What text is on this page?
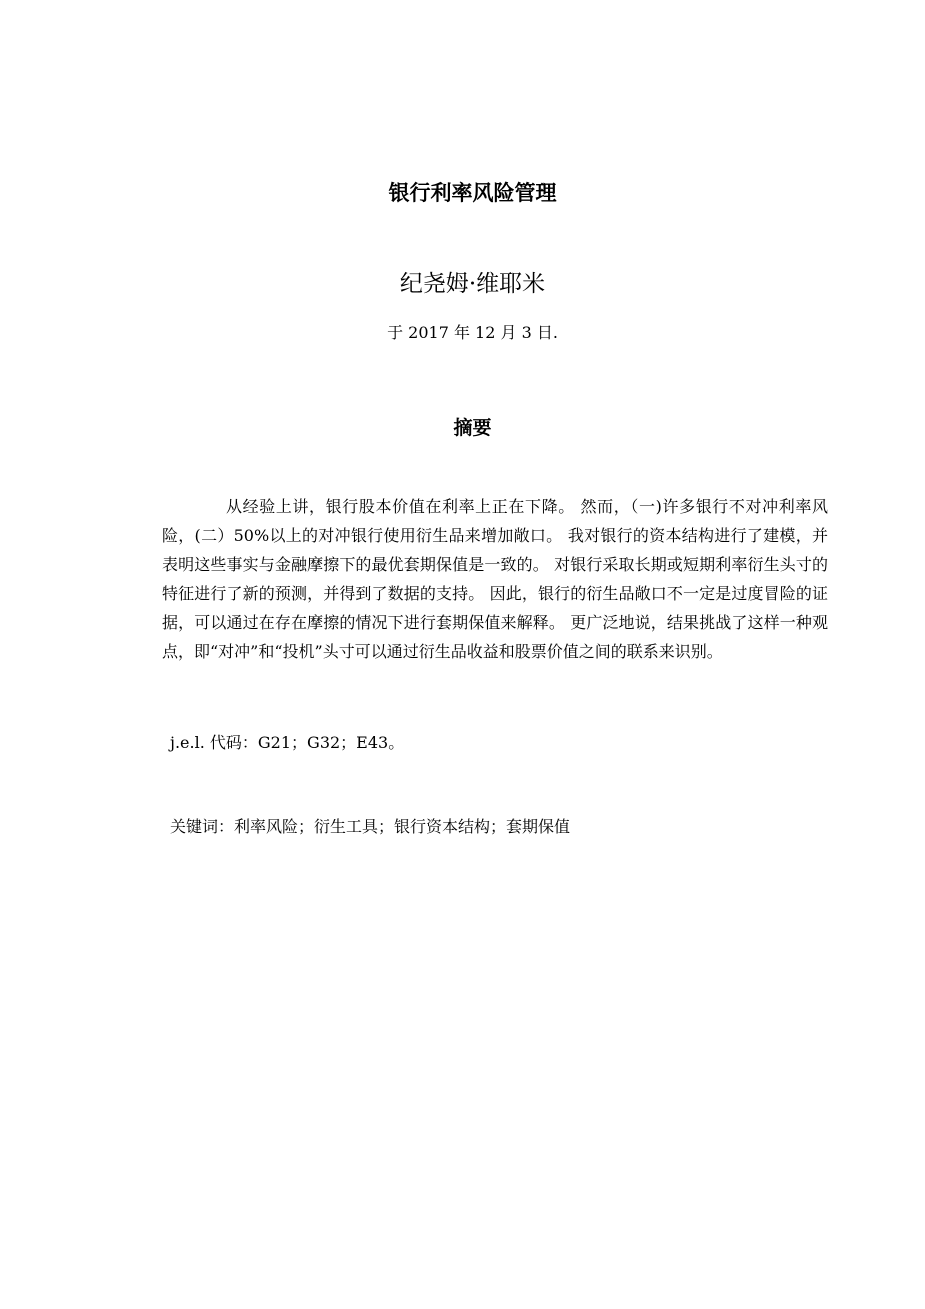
银行利率风险管理
纪尧姆·维耶米
于 2017 年 12 月 3 日.
摘要

从经验上讲，银行股本价值在利率上正在下降。 然而，（一)许多银行不对冲利率风险，(二）50%以上的对冲银行使用衍生品来增加敞口。 我对银行的资本结构进行了建模，并表明这些事实与金融摩擦下的最优套期保值是一致的。 对银行采取长期或短期利率衍生头寸的特征进行了新的预测，并得到了数据的支持。 因此，银行的衍生品敞口不一定是过度冒险的证据，可以通过在存在摩擦的情况下进行套期保值来解释。 更广泛地说，结果挑战了这样一种观点，即“对冲”和“投机”头寸可以通过衍生品收益和股票价值之间的联系来识别。

j.e.l. 代码：G21；G32；E43。
关键词：利率风险；衍生工具；银行资本结构；套期保值
